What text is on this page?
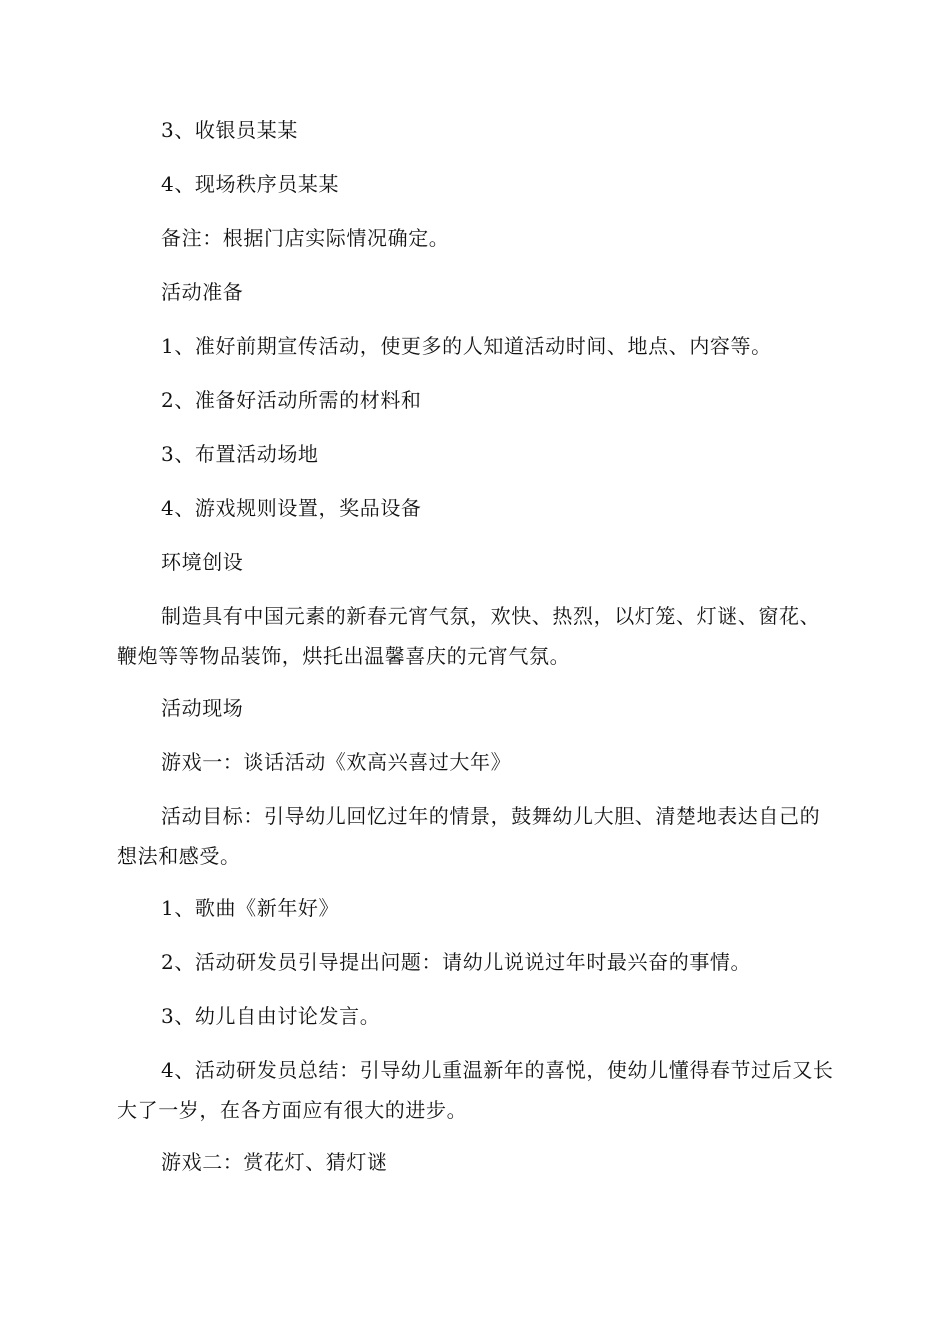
3、收银员某某

4、现场秩序员某某

备注：根据门店实际情况确定。

活动准备

1、准好前期宣传活动，使更多的人知道活动时间、地点、内容等。

2、准备好活动所需的材料和

3、布置活动场地

4、游戏规则设置，奖品设备

环境创设

制造具有中国元素的新春元宵气氛，欢快、热烈，以灯笼、灯谜、窗花、鞭炮等等物品装饰，烘托出温馨喜庆的元宵气氛。

活动现场

游戏一：谈话活动《欢高兴喜过大年》

活动目标：引导幼儿回忆过年的情景，鼓舞幼儿大胆、清楚地表达自己的想法和感受。

1、歌曲《新年好》

2、活动研发员引导提出问题：请幼儿说说过年时最兴奋的事情。

3、幼儿自由讨论发言。

4、活动研发员总结：引导幼儿重温新年的喜悦，使幼儿懂得春节过后又长大了一岁，在各方面应有很大的进步。

游戏二：赏花灯、猜灯谜
